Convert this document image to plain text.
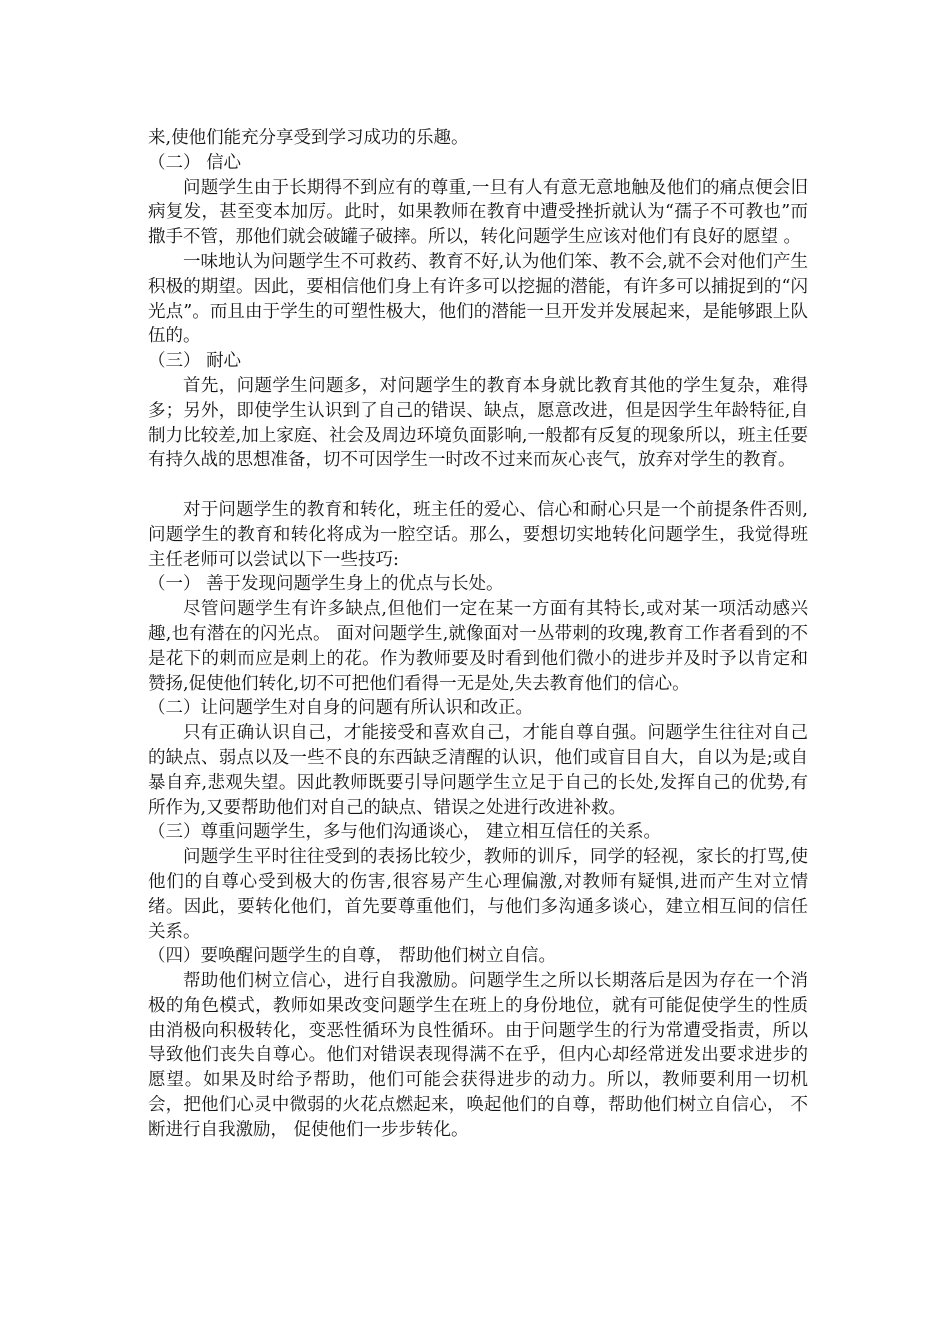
来,使他们能充分享受到学习成功的乐趣。

（二） 信心

问题学生由于长期得不到应有的尊重,一旦有人有意无意地触及他们的痛点便会旧病复发，甚至变本加厉。此时，如果教师在教育中遭受挫折就认为“孺子不可教也”而撒手不管，那他们就会破罐子破摔。所以，转化问题学生应该对他们有良好的愿望 。

一味地认为问题学生不可救药、教育不好,认为他们笨、教不会,就不会对他们产生积极的期望。因此，要相信他们身上有许多可以挖掘的潜能，有许多可以捕捉到的“闪光点”。而且由于学生的可塑性极大，他们的潜能一旦开发并发展起来，是能够跟上队伍的。

（三） 耐心

首先，问题学生问题多，对问题学生的教育本身就比教育其他的学生复杂，难得多；另外，即使学生认识到了自己的错误、缺点，愿意改进，但是因学生年龄特征,自制力比较差,加上家庭、社会及周边环境负面影响,一般都有反复的现象所以，班主任要有持久战的思想准备，切不可因学生一时改不过来而灰心丧气，放弃对学生的教育。

对于问题学生的教育和转化，班主任的爱心、信心和耐心只是一个前提条件否则,问题学生的教育和转化将成为一腔空话。那么，要想切实地转化问题学生，我觉得班主任老师可以尝试以下一些技巧:

（一） 善于发现问题学生身上的优点与长处。

尽管问题学生有许多缺点,但他们一定在某一方面有其特长,或对某一项活动感兴趣,也有潜在的闪光点。 面对问题学生,就像面对一丛带刺的玫瑰,教育工作者看到的不是花下的刺而应是刺上的花。作为教师要及时看到他们微小的进步并及时予以肯定和赞扬,促使他们转化,切不可把他们看得一无是处,失去教育他们的信心。

（二）让问题学生对自身的问题有所认识和改正。

只有正确认识自己，才能接受和喜欢自己，才能自尊自强。问题学生往往对自己的缺点、弱点以及一些不良的东西缺乏清醒的认识，他们或盲目自大，自以为是;或自暴自弃,悲观失望。因此教师既要引导问题学生立足于自己的长处,发挥自己的优势,有所作为,又要帮助他们对自己的缺点、错误之处进行改进补救。

（三）尊重问题学生，多与他们沟通谈心， 建立相互信任的关系。

问题学生平时往往受到的表扬比较少，教师的训斥，同学的轻视，家长的打骂,使他们的自尊心受到极大的伤害,很容易产生心理偏激,对教师有疑惧,进而产生对立情绪。因此，要转化他们，首先要尊重他们，与他们多沟通多谈心，建立相互间的信任关系。

（四）要唤醒问题学生的自尊， 帮助他们树立自信。

帮助他们树立信心，进行自我激励。问题学生之所以长期落后是因为存在一个消极的角色模式，教师如果改变问题学生在班上的身份地位，就有可能促使学生的性质由消极向积极转化，变恶性循环为良性循环。由于问题学生的行为常遭受指责，所以导致他们丧失自尊心。他们对错误表现得满不在乎，但内心却经常迸发出要求进步的愿望。如果及时给予帮助，他们可能会获得进步的动力。所以，教师要利用一切机会，把他们心灵中微弱的火花点燃起来，唤起他们的自尊，帮助他们树立自信心， 不断进行自我激励， 促使他们一步步转化。
